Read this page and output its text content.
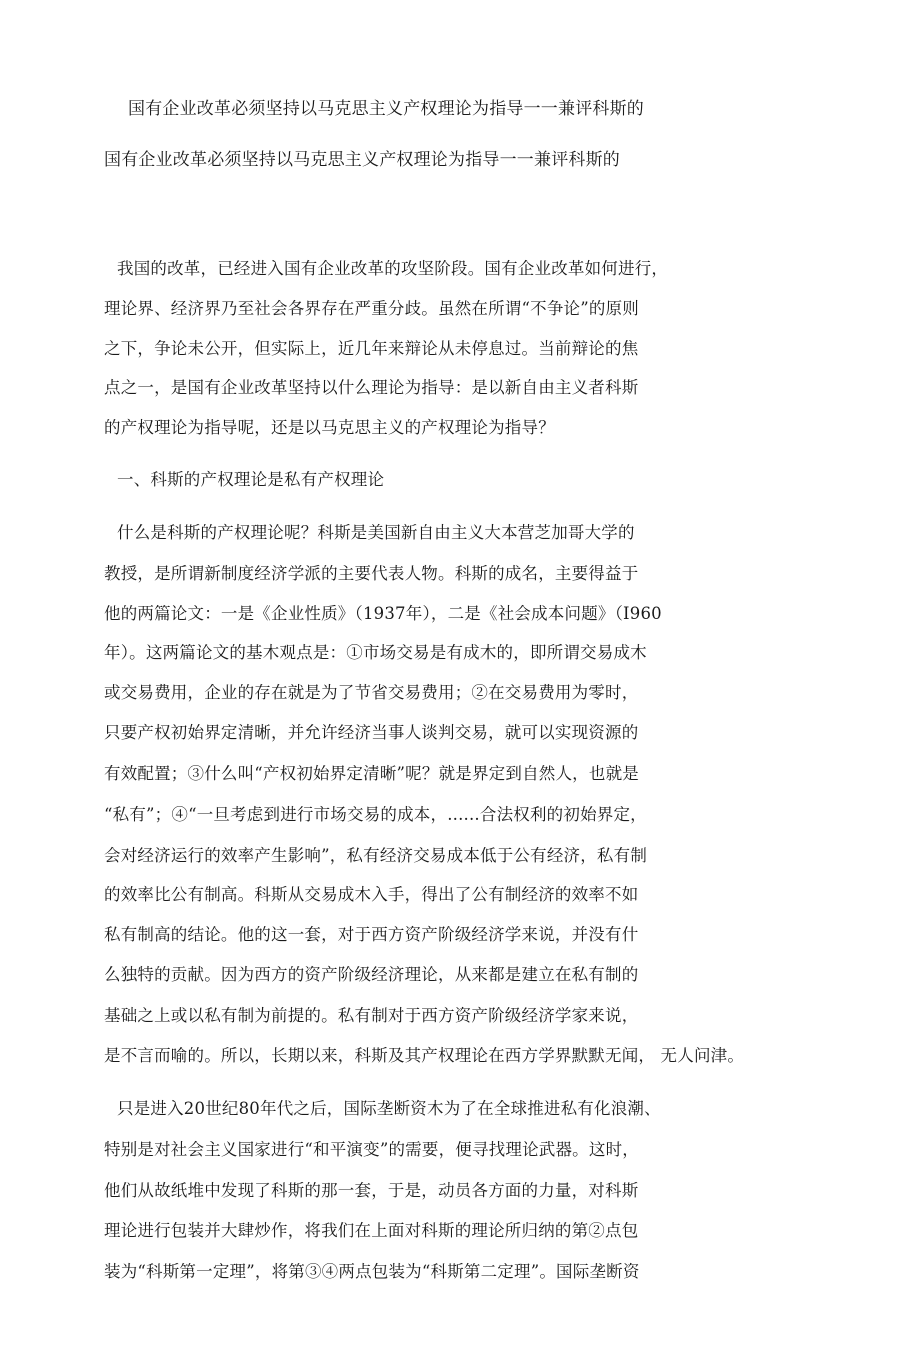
国有企业改革必须坚持以马克思主义产权理论为指导一一兼评科斯的
国有企业改革必须坚持以马克思主义产权理论为指导一一兼评科斯的
我国的改革，已经进入国有企业改革的攻坚阶段。国有企业改革如何进行，
理论界、经济界乃至社会各界存在严重分歧。虽然在所谓“不争论”的原则
之下，争论未公开，但实际上，近几年来辩论从未停息过。当前辩论的焦
点之一，是国有企业改革坚持以什么理论为指导：是以新自由主义者科斯
的产权理论为指导呢，还是以马克思主义的产权理论为指导？
一、科斯的产权理论是私有产权理论
什么是科斯的产权理论呢？科斯是美国新自由主义大本营芝加哥大学的
教授，是所谓新制度经济学派的主要代表人物。科斯的成名，主要得益于
他的两篇论文：一是《企业性质》（1937年），二是《社会成本问题》（I960
年）。这两篇论文的基木观点是：①市场交易是有成木的，即所谓交易成木
或交易费用，企业的存在就是为了节省交易费用；②在交易费用为零时，
只要产权初始界定清晰，并允许经济当事人谈判交易，就可以实现资源的
有效配置；③什么叫“产权初始界定清晰”呢？就是界定到自然人，也就是
“私有”；④“一旦考虑到进行市场交易的成本，......合法权利的初始界定，
会对经济运行的效率产生影响”，私有经济交易成本低于公有经济，私有制
的效率比公有制高。科斯从交易成木入手，得出了公有制经济的效率不如
私有制高的结论。他的这一套，对于西方资产阶级经济学来说，并没有什
么独特的贡献。因为西方的资产阶级经济理论，从来都是建立在私有制的
基础之上或以私有制为前提的。私有制对于西方资产阶级经济学家来说，
是不言而喻的。所以，长期以来，科斯及其产权理论在西方学界默默无闻， 无人问津。
只是进入20世纪80年代之后，国际垄断资木为了在全球推进私有化浪潮、
特别是对社会主义国家进行“和平演变”的需要，便寻找理论武器。这时，
他们从故纸堆中发现了科斯的那一套，于是，动员各方面的力量，对科斯
理论进行包装并大肆炒作，将我们在上面对科斯的理论所归纳的第②点包
装为“科斯第一定理”，将第③④两点包装为“科斯第二定理”。国际垄断资
